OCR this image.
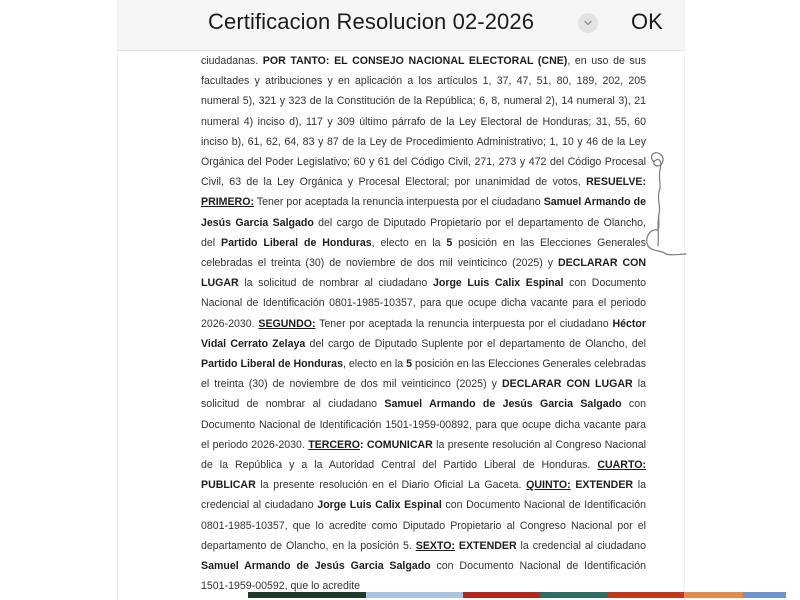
Certificacion Resolucion 02-2026	OK

ciudadanas. POR TANTO: EL CONSEJO NACIONAL ELECTORAL (CNE), en uso de sus facultades y atribuciones y en aplicación a los artículos 1, 37, 47, 51, 80, 189, 202, 205 numeral 5), 321 y 323 de la Constitución de la República; 6, 8, numeral 2), 14 numeral 3), 21 numeral 4) inciso d), 117 y 309 último párrafo de la Ley Electoral de Honduras; 31, 55, 60 inciso b), 61, 62, 64, 83 y 87 de la Ley de Procedimiento Administrativo; 1, 10 y 46 de la Ley Orgánica del Poder Legislativo; 60 y 61 del Código Civil, 271, 273 y 472 del Código Procesal Civil, 63 de la Ley Orgánica y Procesal Electoral; por unanimidad de votos, RESUELVE: PRIMERO: Tener por aceptada la renuncia interpuesta por el ciudadano Samuel Armando de Jesús Garcia Salgado del cargo de Diputado Propietario por el departamento de Olancho, del Partido Liberal de Honduras, electo en la 5 posición en las Elecciones Generales celebradas el treinta (30) de noviembre de dos mil veinticinco (2025) y DECLARAR CON LUGAR la solicitud de nombrar al ciudadano Jorge Luis Calix Espinal con Documento Nacional de Identificación 0801-1985-10357, para que ocupe dicha vacante para el periodo 2026-2030. SEGUNDO: Tener por aceptada la renuncia interpuesta por el ciudadano Héctor Vidal Cerrato Zelaya del cargo de Diputado Suplente por el departamento de Olancho, del Partido Liberal de Honduras, electo en la 5 posición en las Elecciones Generales celebradas el treinta (30) de noviembre de dos mil veinticinco (2025) y DECLARAR CON LUGAR la solicitud de nombrar al ciudadano Samuel Armando de Jesús Garcia Salgado con Documento Nacional de Identificación 1501-1959-00892, para que ocupe dicha vacante para el periodo 2026-2030. TERCERO: COMUNICAR la presente resolución al Congreso Nacional de la República y a la Autoridad Central del Partido Liberal de Honduras. CUARTO: PUBLICAR la presente resolución en el Diario Oficial La Gaceta. QUINTO: EXTENDER la credencial al ciudadano Jorge Luis Calix Espinal con Documento Nacional de Identificación 0801-1985-10357, que lo acredite como Diputado Propietario al Congreso Nacional por el departamento de Olancho, en la posición 5. SEXTO: EXTENDER la credencial al ciudadano Samuel Armando de Jesús Garcia Salgado con Documento Nacional de Identificación 1501-1959-00592, que lo acredite
